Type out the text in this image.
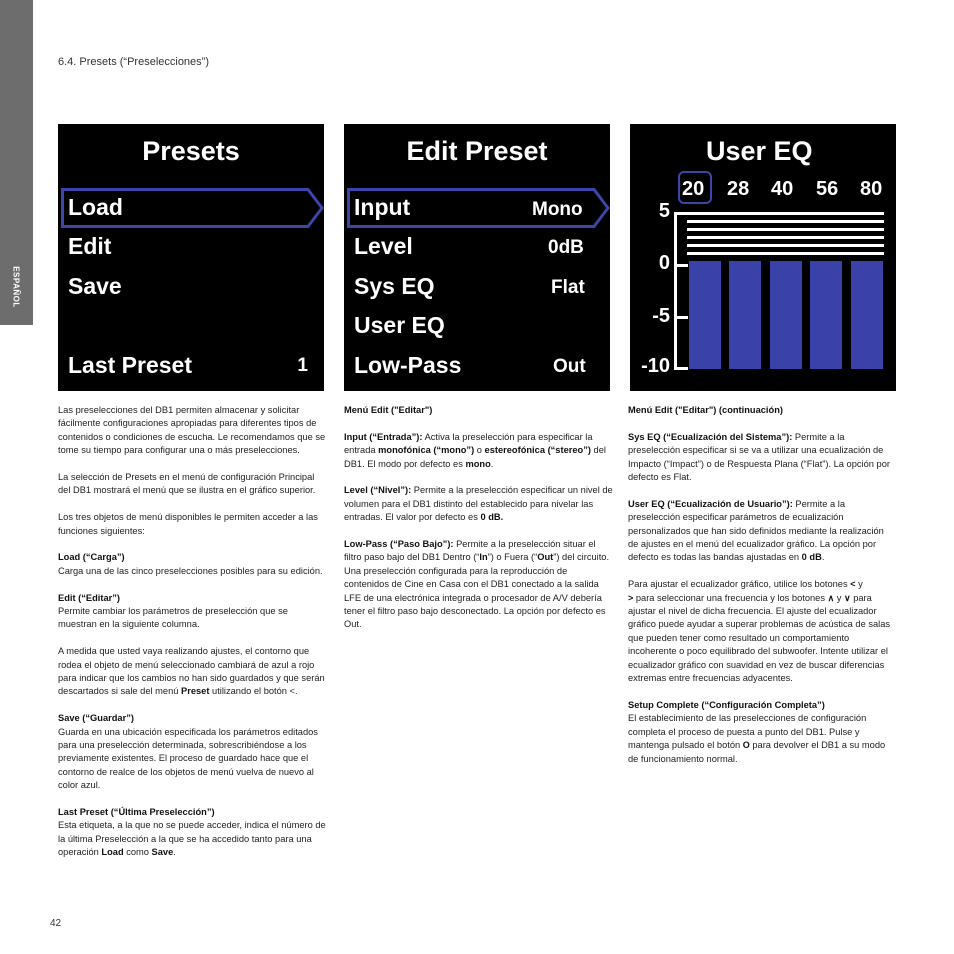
ESPAÑOL
6.4. Presets (“Preselecciones”)
Presets
Load
Edit
Save
Last Preset	1
Edit Preset
Input	Mono
Level	0dB
Sys EQ	Flat
User EQ
Low-Pass	Out
User EQ
20 28 40 56 80
5
0
-5
-10

Las preselecciones del DB1 permiten almacenar y solicitar fácilmente configuraciones apropiadas para diferentes tipos de contenidos o condiciones de escucha. Le recomendamos que se tome su tiempo para configurar una o más preselecciones.

La selección de Presets en el menú de configuración Principal del DB1 mostrará el menú que se ilustra en el gráfico superior.

Los tres objetos de menú disponibles le permiten acceder a las funciones siguientes:

Load (“Carga”)
Carga una de las cinco preselecciones posibles para su edición.

Edit (“Editar”)
Permite cambiar los parámetros de preselección que se muestran en la siguiente columna.

A medida que usted vaya realizando ajustes, el contorno que rodea el objeto de menú seleccionado cambiará de azul a rojo para indicar que los cambios no han sido guardados y que serán descartados si sale del menú Preset utilizando el botón <.

Save (“Guardar”)
Guarda en una ubicación especificada los parámetros editados para una preselección determinada, sobrescribiéndose a los previamente existentes. El proceso de guardado hace que el contorno de realce de los objetos de menú vuelva de nuevo al color azul.

Last Preset (“Última Preselección”)
Esta etiqueta, a la que no se puede acceder, indica el número de la última Preselección a la que se ha accedido tanto para una operación Load como Save.

Menú Edit ("Editar")

Input (“Entrada”): Activa la preselección para especificar la entrada monofónica (“mono”) o estereofónica (“stereo”) del DB1. El modo por defecto es mono.

Level (“Nivel”): Permite a la preselección especificar un nivel de volumen para el DB1 distinto del establecido para nivelar las entradas. El valor por defecto es 0 dB.

Low-Pass (“Paso Bajo”): Permite a la preselección situar el filtro paso bajo del DB1 Dentro (“In”) o Fuera (“Out”) del circuito. Una preselección configurada para la reproducción de contenidos de Cine en Casa con el DB1 conectado a la salida LFE de una electrónica integrada o procesador de A/V debería tener el filtro paso bajo desconectado. La opción por defecto es Out.

Menú Edit ("Editar") (continuación)

Sys EQ (“Ecualización del Sistema”): Permite a la preselección especificar si se va a utilizar una ecualización de Impacto (“Impact”) o de Respuesta Plana (“Flat”). La opción por defecto es Flat.

User EQ (“Ecualización de Usuario”): Permite a la preselección especificar parámetros de ecualización personalizados que han sido definidos mediante la realización de ajustes en el menú del ecualizador gráfico. La opción por defecto es todas las bandas ajustadas en 0 dB.

Para ajustar el ecualizador gráfico, utilice los botones < y
> para seleccionar una frecuencia y los botones ∧ y ∨ para ajustar el nivel de dicha frecuencia. El ajuste del ecualizador gráfico puede ayudar a superar problemas de acústica de salas que pueden tener como resultado un comportamiento incoherente o poco equilibrado del subwoofer. Intente utilizar el ecualizador gráfico con suavidad en vez de buscar diferencias extremas entre frecuencias adyacentes.

Setup Complete (“Configuración Completa”)
El establecimiento de las preselecciones de configuración completa el proceso de puesta a punto del DB1. Pulse y mantenga pulsado el botón O para devolver el DB1 a su modo de funcionamiento normal.

42
